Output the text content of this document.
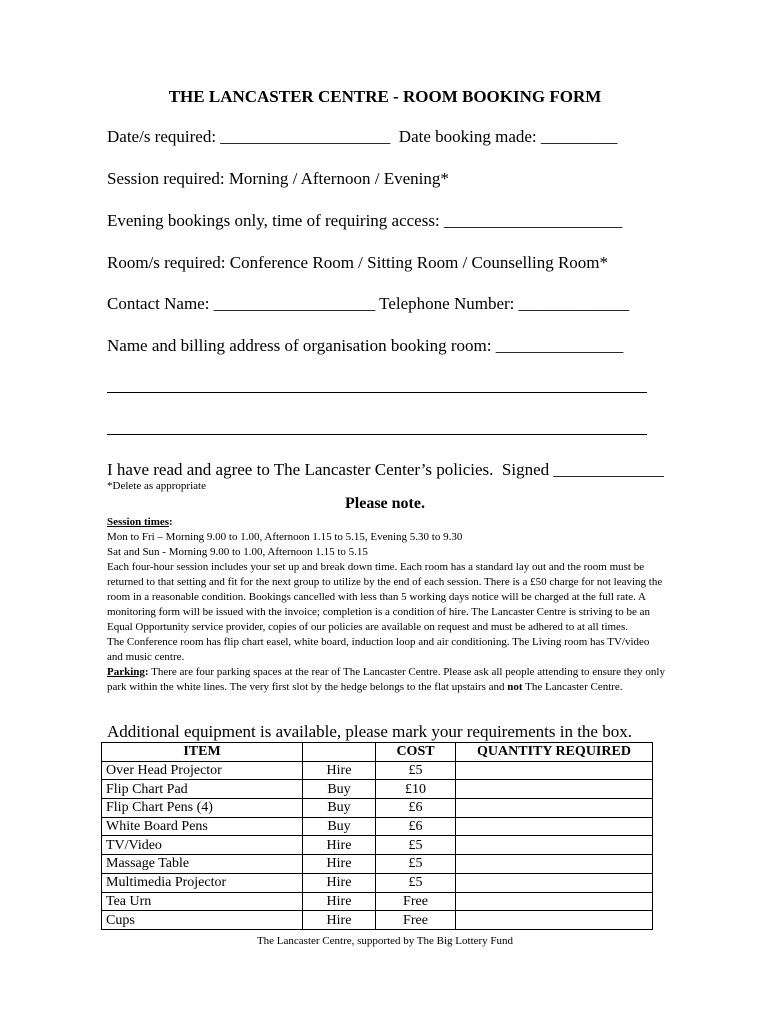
THE LANCASTER CENTRE - ROOM BOOKING FORM
Date/s required: ____________________  Date booking made: _________
Session required: Morning / Afternoon / Evening*
Evening bookings only, time of requiring access: _____________________
Room/s required: Conference Room / Sitting Room / Counselling Room*
Contact Name: ___________________ Telephone Number: _____________
Name and billing address of organisation booking room: _______________
I have read and agree to The Lancaster Center’s policies.  Signed _____________
*Delete as appropriate
Please note.

Session times:

Mon to Fri – Morning 9.00 to 1.00, Afternoon 1.15 to 5.15, Evening 5.30 to 9.30

Sat and Sun - Morning 9.00 to 1.00, Afternoon 1.15 to 5.15

Each four-hour session includes your set up and break down time. Each room has a standard lay out and the room must be returned to that setting and fit for the next group to utilize by the end of each session. There is a £50 charge for not leaving the room in a reasonable condition. Bookings cancelled with less than 5 working days notice will be charged at the full rate. A monitoring form will be issued with the invoice; completion is a condition of hire. The Lancaster Centre is striving to be an Equal Opportunity service provider, copies of our policies are available on request and must be adhered to at all times.

The Conference room has flip chart easel, white board, induction loop and air conditioning. The Living room has TV/video and music centre.

Parking: There are four parking spaces at the rear of The Lancaster Centre. Please ask all people attending to ensure they only park within the white lines. The very first slot by the hedge belongs to the flat upstairs and not The Lancaster Centre.

Additional equipment is available, please mark your requirements in the box.
ITEM		COST	QUANTITY REQUIRED
Over Head Projector	Hire	£5	
Flip Chart Pad	Buy	£10	
Flip Chart Pens (4)	Buy	£6	
White Board Pens	Buy	£6	
TV/Video	Hire	£5	
Massage Table	Hire	£5	
Multimedia Projector	Hire	£5	
Tea Urn	Hire	Free	
Cups	Hire	Free	
The Lancaster Centre, supported by The Big Lottery Fund
